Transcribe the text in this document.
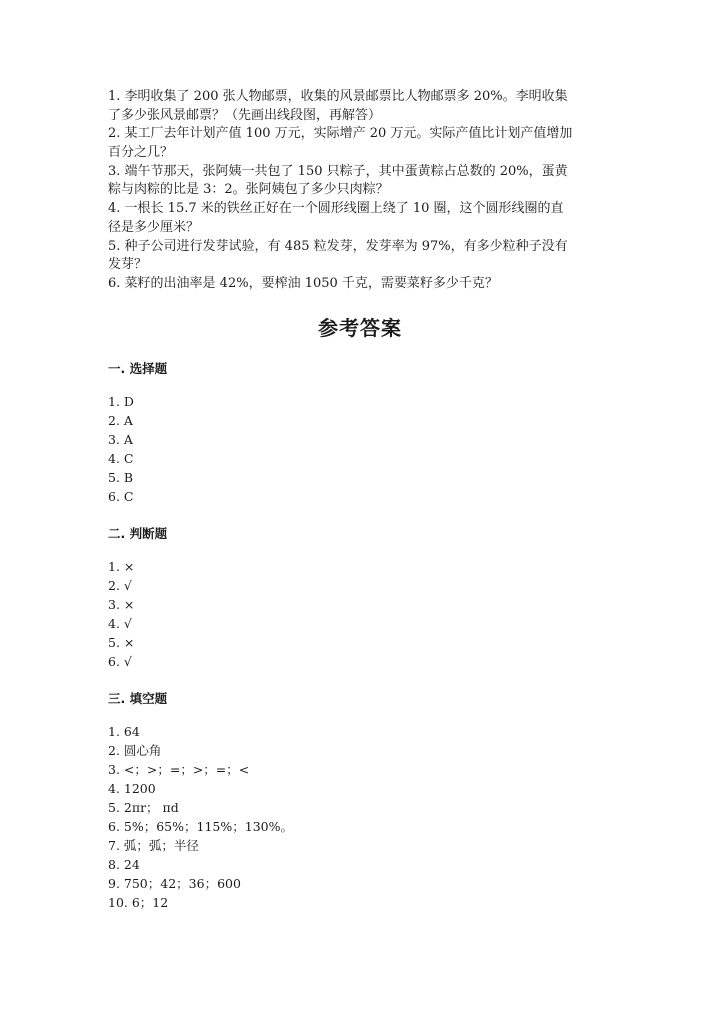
1. 李明收集了 200 张人物邮票，收集的风景邮票比人物邮票多 20%。李明收集
了多少张风景邮票？（先画出线段图，再解答）
2. 某工厂去年计划产值 100 万元，实际增产 20 万元。实际产值比计划产值增加
百分之几？
3. 端午节那天，张阿姨一共包了 150 只粽子，其中蛋黄粽占总数的 20%，蛋黄
粽与肉粽的比是 3：2。张阿姨包了多少只肉粽？
4. 一根长 15.7 米的铁丝正好在一个圆形线圈上绕了 10 圈，这个圆形线圈的直
径是多少厘米？
5. 种子公司进行发芽试验，有 485 粒发芽，发芽率为 97%，有多少粒种子没有
发芽？
6. 菜籽的出油率是 42%，要榨油 1050 千克，需要菜籽多少千克？
参考答案
一. 选择题
1. D
2. A
3. A
4. C
5. B
6. C
二. 判断题
1. ×
2. √
3. ×
4. √
5. ×
6. √
三. 填空题
1. 64
2. 圆心角
3. <；>；=；>；=；<
4. 1200
5. 2πr； πd
6. 5%；65%；115%；130%。
7. 弧；弧；半径
8. 24
9. 750；42；36；600
10. 6；12
